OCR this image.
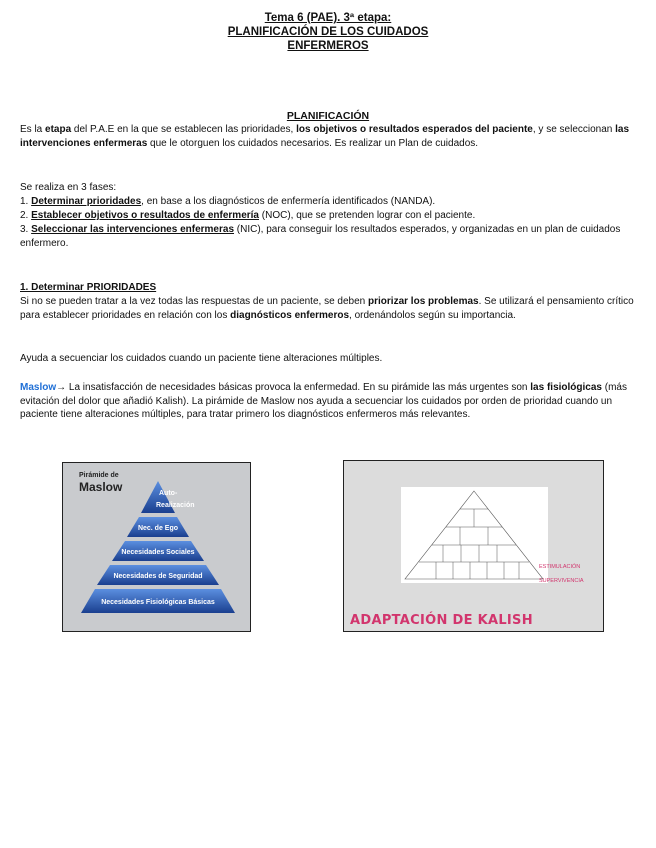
Tema 6 (PAE). 3ª etapa:
PLANIFICACIÓN DE LOS CUIDADOS
ENFERMEROS
PLANIFICACIÓN
Es la etapa del P.A.E en la que se establecen las prioridades, los objetivos o resultados esperados del paciente, y se seleccionan las intervenciones enfermeras que le otorguen los cuidados necesarios. Es realizar un Plan de cuidados.
Se realiza en 3 fases:
1. Determinar prioridades, en base a los diagnósticos de enfermería identificados (NANDA).
2. Establecer objetivos o resultados de enfermería (NOC), que se pretenden lograr con el paciente.
3. Seleccionar las intervenciones enfermeras (NIC), para conseguir los resultados esperados, y organizadas en un plan de cuidados enfermero.
1. Determinar PRIORIDADES
Si no se pueden tratar a la vez todas las respuestas de un paciente, se deben priorizar los problemas. Se utilizará el pensamiento crítico para establecer prioridades en relación con los diagnósticos enfermeros, ordenándolos según su importancia.
Ayuda a secuenciar los cuidados cuando un paciente tiene alteraciones múltiples.
Maslow→ La insatisfacción de necesidades básicas provoca la enfermedad. En su pirámide las más urgentes son las fisiológicas (más evitación del dolor que añadió Kalish). La pirámide de Maslow nos ayuda a secuenciar los cuidados por orden de prioridad cuando un paciente tiene alteraciones múltiples, para tratar primero los diagnósticos enfermeros más relevantes.
Pirámide de
Maslow	Auto-
Realización
Nec. de Ego
Necesidades Sociales
Necesidades de Seguridad
Necesidades Fisiológicas Básicas
ESTIMULACIÓN
SUPERVIVENCIA
ADAPTACIÓN DE KALISH
